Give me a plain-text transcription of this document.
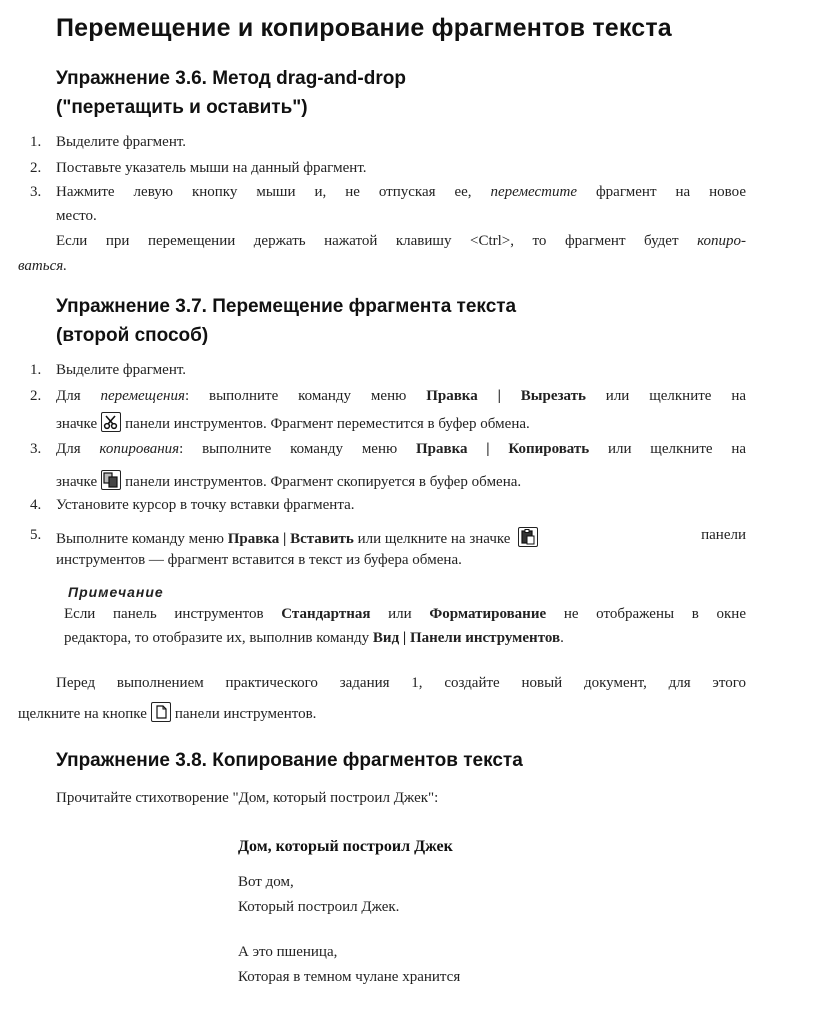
Перемещение и копирование фрагментов текста
Упражнение 3.6. Метод drag-and-drop
("перетащить и оставить")
1. Выделите фрагмент.
2. Поставьте указатель мыши на данный фрагмент.
3. Нажмите левую кнопку мыши и, не отпуская ее, переместите фрагмент на новое
место.
Если при перемещении держать нажатой клавишу <Ctrl>, то фрагмент будет копиро-
ваться.
Упражнение 3.7. Перемещение фрагмента текста
(второй способ)
1. Выделите фрагмент.
2. Для перемещения: выполните команду меню Правка | Вырезать или щелкните на
значке панели инструментов. Фрагмент переместится в буфер обмена.
3. Для копирования: выполните команду меню Правка | Копировать или щелкните на
значке панели инструментов. Фрагмент скопируется в буфер обмена.
4. Установите курсор в точку вставки фрагмента.
5. Выполните команду меню Правка | Вставить или щелкните на значке	панели
инструментов — фрагмент вставится в текст из буфера обмена.
Примечание
Если панель инструментов Стандартная или Форматирование не отображены в окне
редактора, то отобразите их, выполнив команду Вид | Панели инструментов.
Перед выполнением практического задания 1, создайте новый документ, для этого
щелкните на кнопке панели инструментов.
Упражнение 3.8. Копирование фрагментов текста
Прочитайте стихотворение "Дом, который построил Джек":
Дом, который построил Джек
Вот дом,
Который построил Джек.
А это пшеница,
Которая в темном чулане хранится
